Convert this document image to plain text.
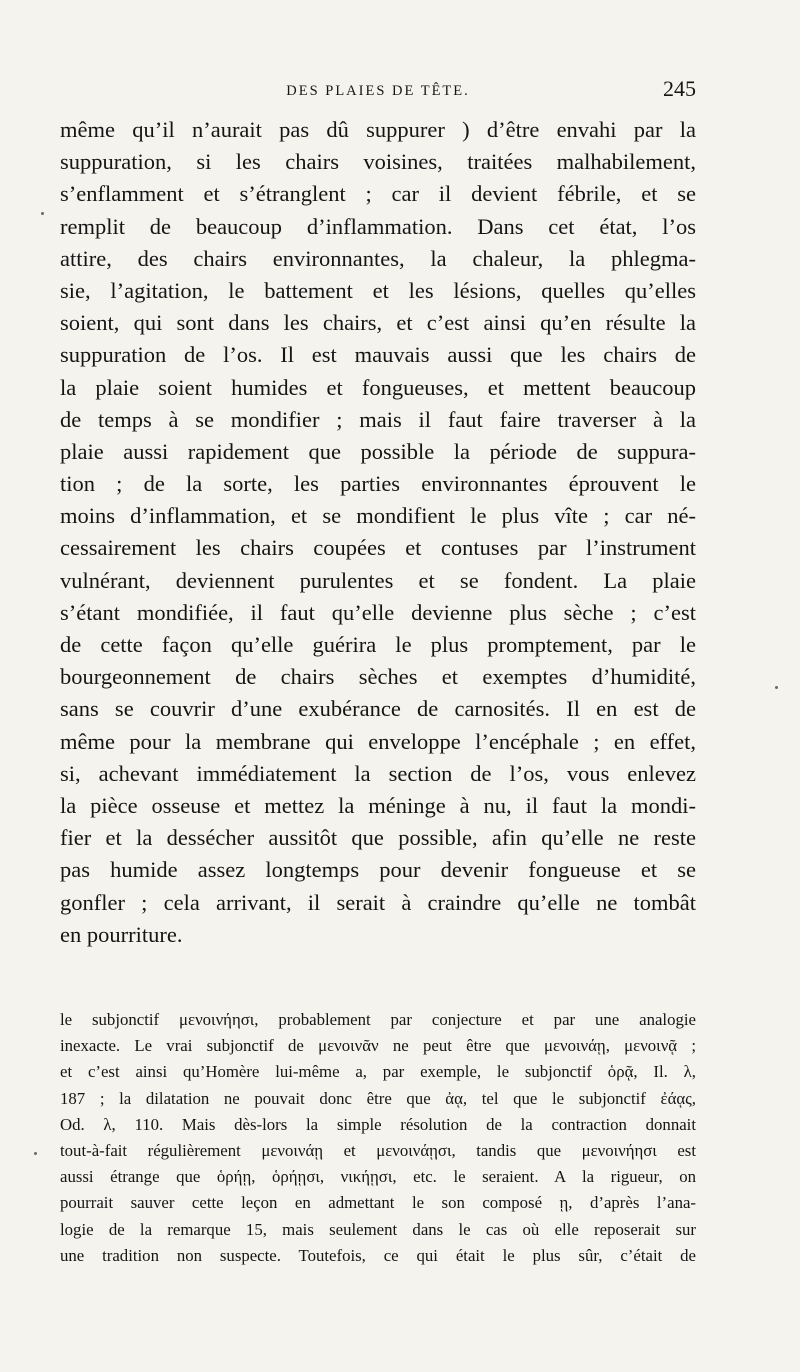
DES PLAIES DE TÊTE.	245
même qu’il n’aurait pas dû suppurer ) d’être envahi par la
suppuration, si les chairs voisines, traitées malhabilement,
s’enflamment et s’étranglent ; car il devient fébrile, et se
remplit de beaucoup d’inflammation. Dans cet état, l’os
attire, des chairs environnantes, la chaleur, la phlegma-
sie, l’agitation, le battement et les lésions, quelles qu’elles
soient, qui sont dans les chairs, et c’est ainsi qu’en résulte la
suppuration de l’os. Il est mauvais aussi que les chairs de
la plaie soient humides et fongueuses, et mettent beaucoup
de temps à se mondifier ; mais il faut faire traverser à la
plaie aussi rapidement que possible la période de suppura-
tion ; de la sorte, les parties environnantes éprouvent le
moins d’inflammation, et se mondifient le plus vîte ; car né-
cessairement les chairs coupées et contuses par l’instrument
vulnérant, deviennent purulentes et se fondent. La plaie
s’étant mondifiée, il faut qu’elle devienne plus sèche ; c’est
de cette façon qu’elle guérira le plus promptement, par le
bourgeonnement de chairs sèches et exemptes d’humidité,
sans se couvrir d’une exubérance de carnosités. Il en est de
même pour la membrane qui enveloppe l’encéphale ; en effet,
si, achevant immédiatement la section de l’os, vous enlevez
la pièce osseuse et mettez la méninge à nu, il faut la mondi-
fier et la dessécher aussitôt que possible, afin qu’elle ne reste
pas humide assez longtemps pour devenir fongueuse et se
gonfler ; cela arrivant, il serait à craindre qu’elle ne tombât
en pourriture.
le subjonctif μενοινήησι, probablement par conjecture et par une analogie
inexacte. Le vrai subjonctif de μενοινᾶν ne peut être que μενοινάῃ, μενοινᾷ ;
et c’est ainsi qu’Homère lui-même a, par exemple, le subjonctif ὁρᾷ, Il. λ,
187 ; la dilatation ne pouvait donc être que ἀᾳ, tel que le subjonctif ἐάᾳς,
Od. λ, 110. Mais dès-lors la simple résolution de la contraction donnait
tout-à-fait régulièrement μενοινάῃ et μενοινάῃσι, tandis que μενοινήησι est
aussi étrange que ὁρήῃ, ὁρήῃσι, νικήῃσι, etc. le seraient. A la rigueur, on
pourrait sauver cette leçon en admettant le son composé ῃ, d’après l’ana-
logie de la remarque 15, mais seulement dans le cas où elle reposerait sur
une tradition non suspecte. Toutefois, ce qui était le plus sûr, c’était de
